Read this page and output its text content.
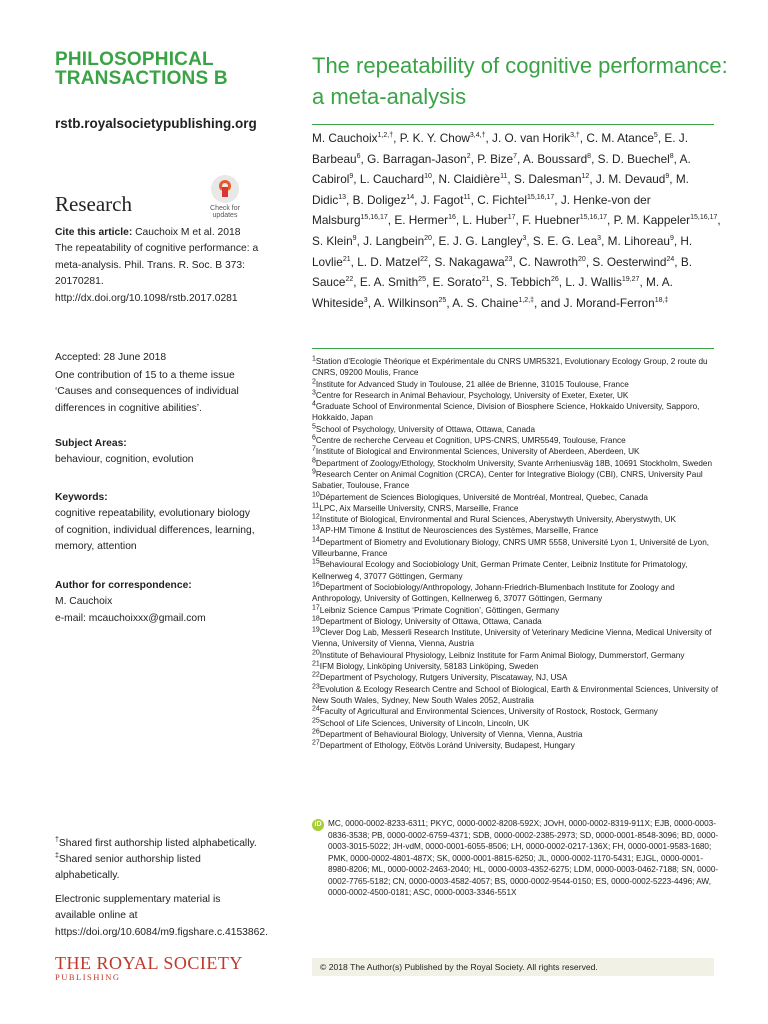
PHILOSOPHICAL
TRANSACTIONS B
rstb.royalsocietypublishing.org
Research	Check for updates
Cite this article: Cauchoix M et al. 2018 The repeatability of cognitive performance: a meta-analysis. Phil. Trans. R. Soc. B 373: 20170281. http://dx.doi.org/10.1098/rstb.2017.0281
Accepted: 28 June 2018
One contribution of 15 to a theme issue ‘Causes and consequences of individual differences in cognitive abilities’.
Subject Areas:
behaviour, cognition, evolution
Keywords:
cognitive repeatability, evolutionary biology of cognition, individual differences, learning, memory, attention
Author for correspondence:
M. Cauchoix
e-mail: mcauchoixxx@gmail.com
†Shared first authorship listed alphabetically.
‡Shared senior authorship listed alphabetically.
Electronic supplementary material is available online at https://doi.org/10.6084/m9.figshare.c.4153862.
THE ROYAL SOCIETY
PUBLISHING
The repeatability of cognitive performance: a meta-analysis
M. Cauchoix$^{1,2,\dagger}$, P. K. Y. Chow$^{3,4,\dagger}$, J. O. van Horik$^{3,\dagger}$, C. M. Atance$^5$, E. J. Barbeau$^6$, G. Barragan-Jason$^2$, P. Bize$^7$, A. Boussard$^8$, S. D. Buechel$^8$, A. Cabirol$^9$, L. Cauchard$^{10}$, N. Claidière$^{11}$, S. Dalesman$^{12}$, J. M. Devaud$^9$, M. Didic$^{13}$, B. Doligez$^{14}$, J. Fagot$^{11}$, C. Fichtel$^{15,16,17}$, J. Henke-von der Malsburg$^{15,16,17}$, E. Hermer$^{16}$, L. Huber$^{17}$, F. Huebner$^{15,16,17}$, P. M. Kappeler$^{15,16,17}$, S. Klein$^9$, J. Langbein$^{20}$, E. J. G. Langley$^3$, S. E. G. Lea$^3$, M. Lihoreau$^9$, H. Lovlie$^{21}$, L. D. Matzel$^{22}$, S. Nakagawa$^{23}$, C. Nawroth$^{20}$, S. Oesterwind$^{24}$, B. Sauce$^{22}$, E. A. Smith$^{25}$, E. Sorato$^{21}$, S. Tebbich$^{26}$, L. J. Wallis$^{19,27}$, M. A. Whiteside$^3$, A. Wilkinson$^{25}$, A. S. Chaine$^{1,2,\ddagger}$, and J. Morand-Ferron$^{18,\ddagger}$
$^1$Station d’Ecologie Théorique et Expérimentale du CNRS UMR5321, Evolutionary Ecology Group, 2 route du CNRS, 09200 Moulis, France
$^2$Institute for Advanced Study in Toulouse, 21 allée de Brienne, 31015 Toulouse, France
$^3$Centre for Research in Animal Behaviour, Psychology, University of Exeter, Exeter, UK
$^4$Graduate School of Environmental Science, Division of Biosphere Science, Hokkaido University, Sapporo, Hokkaido, Japan
$^5$School of Psychology, University of Ottawa, Ottawa, Canada
$^6$Centre de recherche Cerveau et Cognition, UPS-CNRS, UMR5549, Toulouse, France
$^7$Institute of Biological and Environmental Sciences, University of Aberdeen, Aberdeen, UK
$^8$Department of Zoology/Ethology, Stockholm University, Svante Arrheniusväg 18B, 10691 Stockholm, Sweden
$^9$Research Center on Animal Cognition (CRCA), Center for Integrative Biology (CBI), CNRS, University Paul Sabatier, Toulouse, France
$^{10}$Département de Sciences Biologiques, Université de Montréal, Montreal, Quebec, Canada
$^{11}$LPC, Aix Marseille University, CNRS, Marseille, France
$^{12}$Institute of Biological, Environmental and Rural Sciences, Aberystwyth University, Aberystwyth, UK
$^{13}$AP-HM Timone & Institut de Neurosciences des Systèmes, Marseille, France
$^{14}$Department of Biometry and Evolutionary Biology, CNRS UMR 5558, Université Lyon 1, Université de Lyon, Villeurbanne, France
$^{15}$Behavioural Ecology and Sociobiology Unit, German Primate Center, Leibniz Institute for Primatology, Kellnerweg 4, 37077 Göttingen, Germany
$^{16}$Department of Sociobiology/Anthropology, Johann-Friedrich-Blumenbach Institute for Zoology and Anthropology, University of Gottingen, Kellnerweg 6, 37077 Göttingen, Germany
$^{17}$Leibniz Science Campus ‘Primate Cognition’, Göttingen, Germany
$^{18}$Department of Biology, University of Ottawa, Ottawa, Canada
$^{19}$Clever Dog Lab, Messerli Research Institute, University of Veterinary Medicine Vienna, Medical University of Vienna, University of Vienna, Vienna, Austria
$^{20}$Institute of Behavioural Physiology, Leibniz Institute for Farm Animal Biology, Dummerstorf, Germany
$^{21}$IFM Biology, Linköping University, 58183 Linköping, Sweden
$^{22}$Department of Psychology, Rutgers University, Piscataway, NJ, USA
$^{23}$Evolution & Ecology Research Centre and School of Biological, Earth & Environmental Sciences, University of New South Wales, Sydney, New South Wales 2052, Australia
$^{24}$Faculty of Agricultural and Environmental Sciences, University of Rostock, Rostock, Germany
$^{25}$School of Life Sciences, University of Lincoln, Lincoln, UK
$^{26}$Department of Behavioural Biology, University of Vienna, Vienna, Austria
$^{27}$Department of Ethology, Eötvös Loránd University, Budapest, Hungary
iD MC, 0000-0002-8233-6311; PKYC, 0000-0002-8208-592X; JOvH, 0000-0002-8319-911X; EJB, 0000-0003-0836-3538; PB, 0000-0002-6759-4371; SDB, 0000-0002-2385-2973; SD, 0000-0001-8548-3096; BD, 0000-0003-3015-5022; JH-vdM, 0000-0001-6055-8506; LH, 0000-0002-0217-136X; FH, 0000-0001-9583-1680; PMK, 0000-0002-4801-487X; SK, 0000-0001-8815-6250; JL, 0000-0002-1170-5431; EJGL, 0000-0001-8980-8206; ML, 0000-0002-2463-2040; HL, 0000-0003-4352-6275; LDM, 0000-0003-0462-7188; SN, 0000-0002-7765-5182; CN, 0000-0003-4582-4057; BS, 0000-0002-9544-0150; ES, 0000-0002-5223-4496; AW, 0000-0002-4500-0181; ASC, 0000-0003-3346-551X
© 2018 The Author(s) Published by the Royal Society. All rights reserved.
